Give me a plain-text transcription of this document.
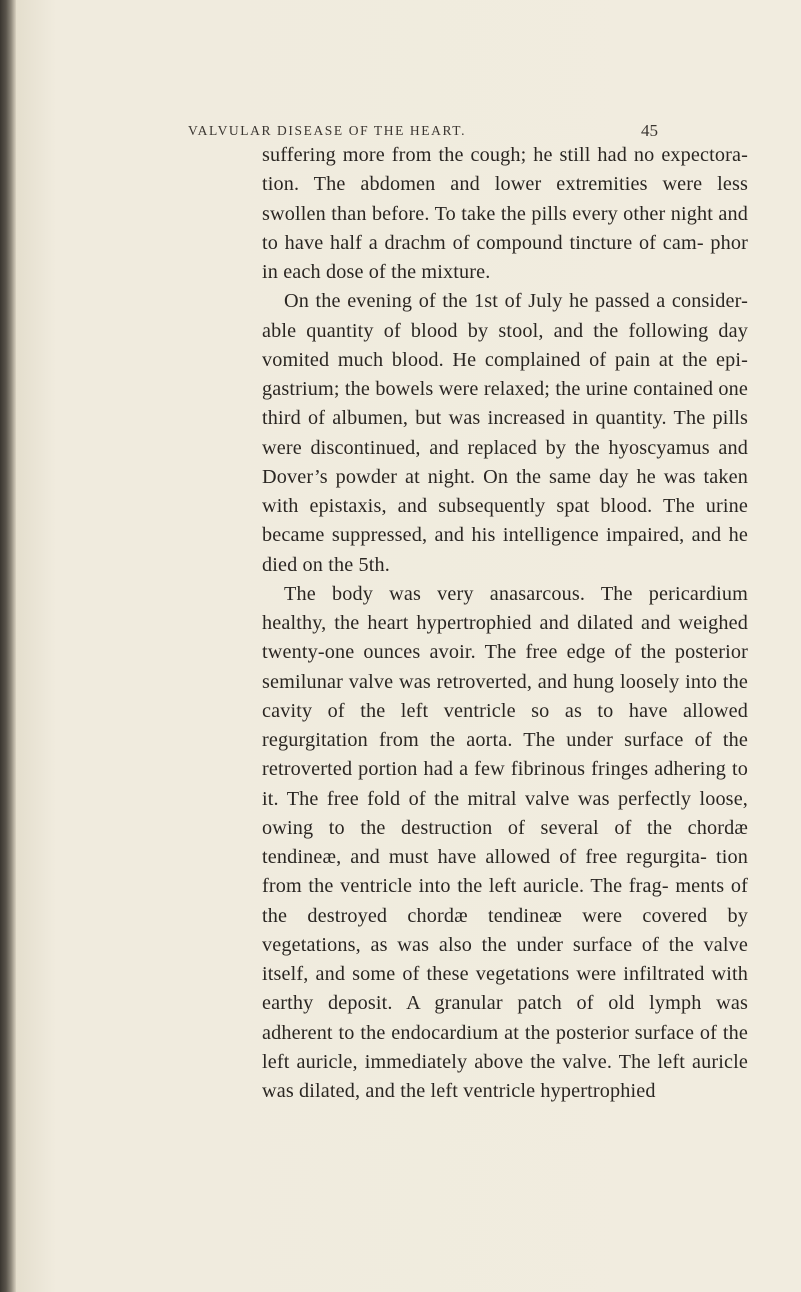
VALVULAR DISEASE OF THE HEART.	45

suffering more from the cough; he still had no expectora- tion. The abdomen and lower extremities were less swollen than before. To take the pills every other night and to have half a drachm of compound tincture of cam- phor in each dose of the mixture.

On the evening of the 1st of July he passed a consider- able quantity of blood by stool, and the following day vomited much blood. He complained of pain at the epi- gastrium; the bowels were relaxed; the urine contained one third of albumen, but was increased in quantity. The pills were discontinued, and replaced by the hyoscyamus and Dover’s powder at night. On the same day he was taken with epistaxis, and subsequently spat blood. The urine became suppressed, and his intelligence impaired, and he died on the 5th.

The body was very anasarcous. The pericardium healthy, the heart hypertrophied and dilated and weighed twenty-one ounces avoir. The free edge of the posterior semilunar valve was retroverted, and hung loosely into the cavity of the left ventricle so as to have allowed regurgitation from the aorta. The under surface of the retroverted portion had a few fibrinous fringes adhering to it. The free fold of the mitral valve was perfectly loose, owing to the destruction of several of the chordæ tendineæ, and must have allowed of free regurgita- tion from the ventricle into the left auricle. The frag- ments of the destroyed chordæ tendineæ were covered by vegetations, as was also the under surface of the valve itself, and some of these vegetations were infiltrated with earthy deposit. A granular patch of old lymph was adherent to the endocardium at the posterior surface of the left auricle, immediately above the valve. The left auricle was dilated, and the left ventricle hypertrophied
